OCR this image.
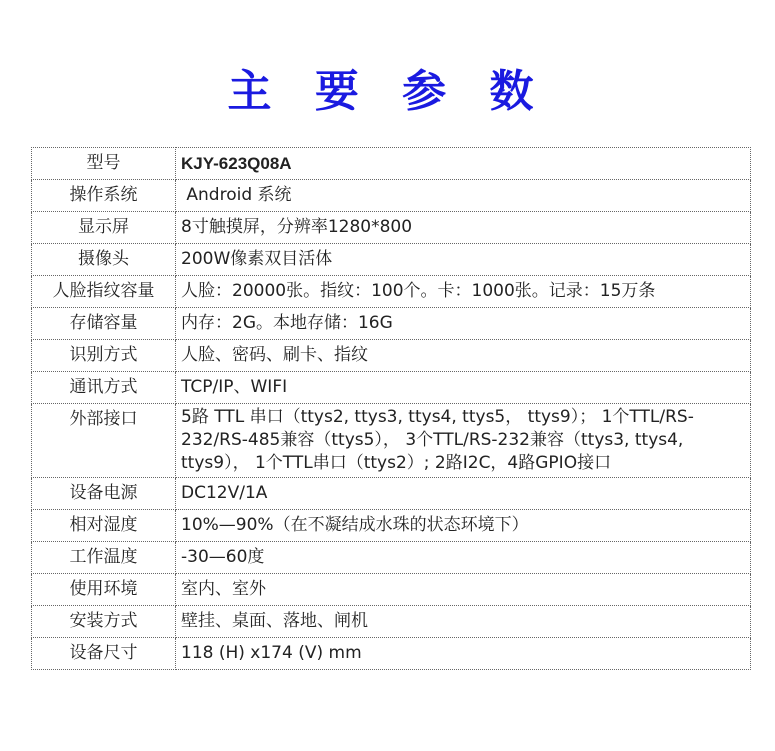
主 要 参 数
型号	KJY-623Q08A
操作系统	Android 系统
显示屏	8寸触摸屏，分辨率1280*800
摄像头	200W像素双目活体
人脸指纹容量	人脸：20000张。指纹：100个。卡：1000张。记录：15万条
存储容量	内存：2G。本地存储：16G
识别方式	人脸、密码、刷卡、指纹
通讯方式	TCP/IP、WIFI
外部接口	5路 TTL 串口（ttys2, ttys3, ttys4, ttys5， ttys9）； 1个TTL/RS-232/RS-485兼容（ttys5）， 3个TTL/RS-232兼容（ttys3, ttys4, ttys9）， 1个TTL串口（ttys2）; 2路I2C，4路GPIO接口
设备电源	DC12V/1A
相对湿度	10%—90%（在不凝结成水珠的状态环境下）
工作温度	-30—60度
使用环境	室内、室外
安装方式	壁挂、桌面、落地、闸机
设备尺寸	118 (H) x174 (V) mm
